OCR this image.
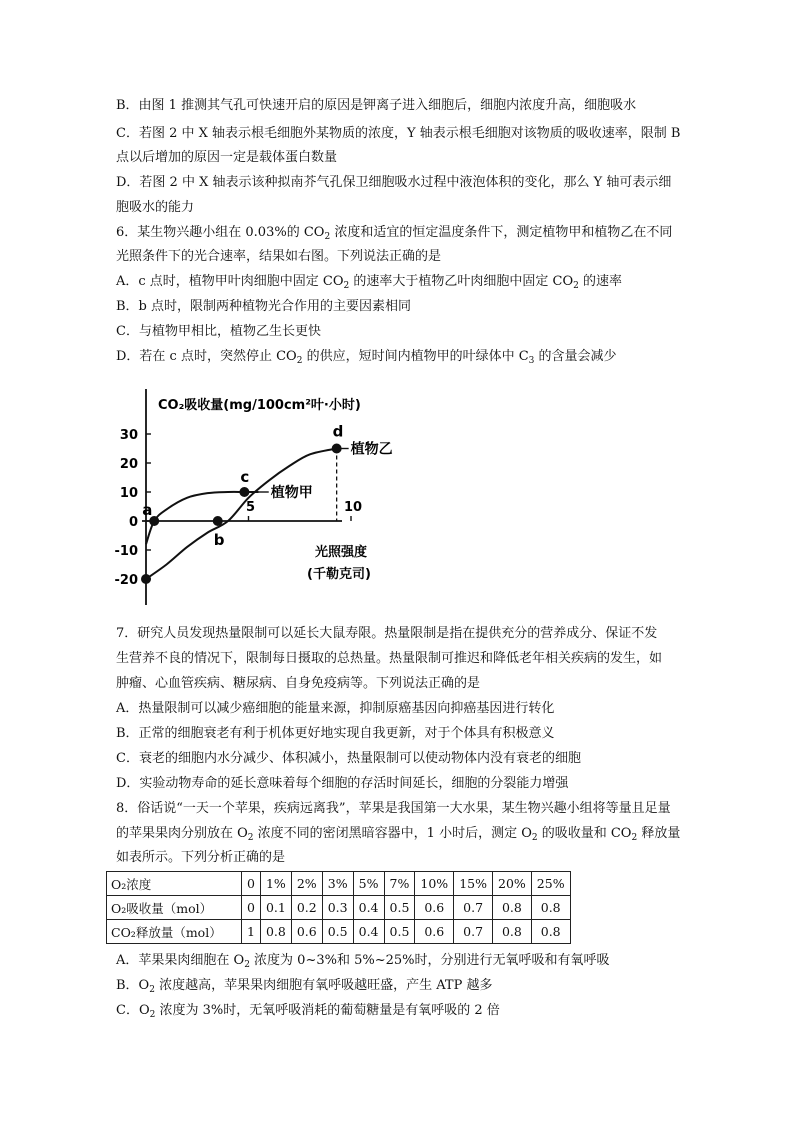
B．由图 1 推测其气孔可快速开启的原因是钾离子进入细胞后，细胞内浓度升高，细胞吸水
C．若图 2 中 X 轴表示根毛细胞外某物质的浓度，Y 轴表示根毛细胞对该物质的吸收速率，限制 B
点以后增加的原因一定是载体蛋白数量
D．若图 2 中 X 轴表示该种拟南芥气孔保卫细胞吸水过程中液泡体积的变化，那么 Y 轴可表示细
胞吸水的能力
6．某生物兴趣小组在 0.03%的 $CO_2$ 浓度和适宜的恒定温度条件下，测定植物甲和植物乙在不同
光照条件下的光合速率，结果如右图。下列说法正确的是
A．c 点时，植物甲叶肉细胞中固定 $CO_2$ 的速率大于植物乙叶肉细胞中固定 $CO_2$ 的速率
B．b 点时，限制两种植物光合作用的主要因素相同
C．与植物甲相比，植物乙生长更快
D．若在 c 点时，突然停止 $CO_2$ 的供应，短时间内植物甲的叶绿体中 $C_3$ 的含量会减少
30
20
10
0
-10
-20
5	10
CO₂吸收量(mg/100cm²叶·小时)
光照强度
(千勒克司)
a
b
c
d
植物甲
植物乙
7．研究人员发现热量限制可以延长大鼠寿限。热量限制是指在提供充分的营养成分、保证不发
生营养不良的情况下，限制每日摄取的总热量。热量限制可推迟和降低老年相关疾病的发生，如
肿瘤、心血管疾病、糖尿病、自身免疫病等。下列说法正确的是
A．热量限制可以减少癌细胞的能量来源，抑制原癌基因向抑癌基因进行转化
B．正常的细胞衰老有利于机体更好地实现自我更新，对于个体具有积极意义
C．衰老的细胞内水分减少、体积减小，热量限制可以使动物体内没有衰老的细胞
D．实验动物寿命的延长意味着每个细胞的存活时间延长，细胞的分裂能力增强
8．俗话说“一天一个苹果，疾病远离我”，苹果是我国第一大水果，某生物兴趣小组将等量且足量
的苹果果肉分别放在 $O_2$ 浓度不同的密闭黑暗容器中，1 小时后，测定 $O_2$ 的吸收量和 $CO_2$ 释放量
如表所示。下列分析正确的是
O₂浓度	0	1%	2%	3%	5%	7%	10%	15%	20%	25%
O₂吸收量（mol）	0	0.1	0.2	0.3	0.4	0.5	0.6	0.7	0.8	0.8
CO₂释放量（mol）	1	0.8	0.6	0.5	0.4	0.5	0.6	0.7	0.8	0.8
A．苹果果肉细胞在 $O_2$ 浓度为 0~3%和 5%~25%时，分别进行无氧呼吸和有氧呼吸
B．$O_2$ 浓度越高，苹果果肉细胞有氧呼吸越旺盛，产生 ATP 越多
C．$O_2$ 浓度为 3%时，无氧呼吸消耗的葡萄糖量是有氧呼吸的 2 倍
